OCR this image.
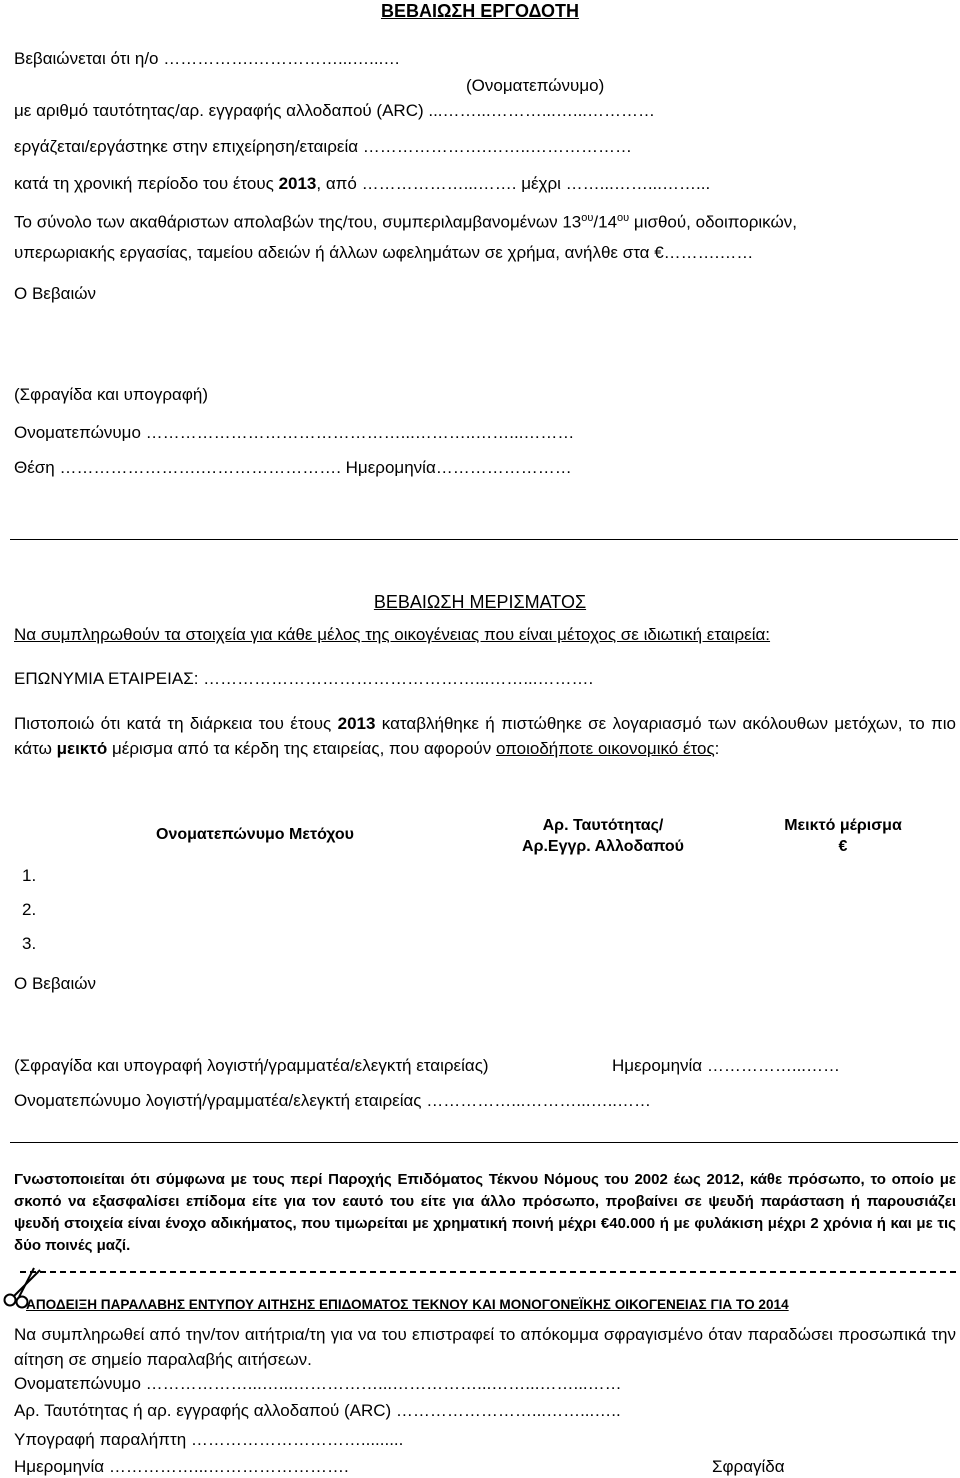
ΒΕΒΑΙΩΣΗ ΕΡΓΟΔΟΤΗ
Βεβαιώνεται ότι η/ο …………….……………...…...…
(Ονοματεπώνυμο)
με αριθμό ταυτότητας/αρ. εγγραφής αλλοδαπού (ARC) ...……...………...…...…………
εργάζεται/εργάστηκε στην επιχείρηση/εταιρεία ………………….……..………………
κατά τη χρονική περίοδο του έτους 2013, από ………………...……. μέχρι ……...……...……...
Το σύνολο των ακαθάριστων απολαβών της/του, συμπεριλαμβανομένων $13^{o\upsilon}/14^{o\upsilon}$ μισθού, οδοιπορικών,
υπερωριακής εργασίας, ταμείου αδειών ή άλλων ωφελημάτων σε χρήμα, ανήλθε στα €……….……
Ο Βεβαιών
(Σφραγίδα και υπογραφή)
Ονοματεπώνυμο ………………………………………...………..……...………
Θέση …………………….……………………. Ημερομηνία……………………
ΒΕΒΑΙΩΣΗ ΜΕΡΙΣΜΑΤΟΣ
Να συμπληρωθούν τα στοιχεία για κάθε μέλος της οικογένειας που είναι μέτοχος σε ιδιωτική εταιρεία:
ΕΠΩΝΥΜΙΑ ΕΤΑΙΡΕΙΑΣ: …………………………………………...……...……….
Πιστοποιώ ότι κατά τη διάρκεια του έτους 2013 καταβλήθηκε ή πιστώθηκε σε λογαριασμό των ακόλουθων μετόχων, το πιο κάτω μεικτό μέρισμα από τα κέρδη της εταιρείας, που αφορούν οποιοδήποτε οικονομικό έτος:
Ονοματεπώνυμο Μετόχου
Αρ. Ταυτότητας/
Αρ.Εγγρ. Αλλοδαπού
Μεικτό μέρισμα
€
1.
2.
3.
Ο Βεβαιών
(Σφραγίδα και υπογραφή λογιστή/γραμματέα/ελεγκτή εταιρείας)	Ημερομηνία ……………...……
Ονοματεπώνυμο λογιστή/γραμματέα/ελεγκτή εταιρείας ……………...………...…..……
Γνωστοποιείται ότι σύμφωνα με τους περί Παροχής Επιδόματος Τέκνου Νόμους του 2002 έως 2012, κάθε πρόσωπο, το οποίο με σκοπό να εξασφαλίσει επίδομα είτε για τον εαυτό του είτε για άλλο πρόσωπο, προβαίνει σε ψευδή παράσταση ή παρουσιάζει ψευδή στοιχεία είναι ένοχο αδικήματος, που τιμωρείται με χρηματική ποινή μέχρι €40.000 ή με φυλάκιση μέχρι 2 χρόνια ή και με τις δύο ποινές μαζί.
ΑΠΟΔΕΙΞΗ ΠΑΡΑΛΑΒΗΣ ΕΝΤΥΠΟΥ ΑΙΤΗΣΗΣ ΕΠΙΔΟΜΑΤΟΣ ΤΕΚΝΟΥ ΚΑΙ ΜΟΝΟΓΟΝΕΪΚΗΣ ΟΙΚΟΓΕΝΕΙΑΣ ΓΙΑ ΤΟ 2014
Να συμπληρωθεί από την/τον αιτήτρια/τη για να του επιστραφεί το απόκομμα σφραγισμένο όταν παραδώσει προσωπικά την αίτηση σε σημείο παραλαβής αιτήσεων.
Ονοματεπώνυμο ………………...…...……………...……………...……...……...……
Αρ. Ταυτότητας ή αρ. εγγραφής αλλοδαπού (ARC) ……………………...……...…..
Υπογραφή παραλήπτη ………………………….........
Ημερομηνία ……………...…………………….	Σφραγίδα
